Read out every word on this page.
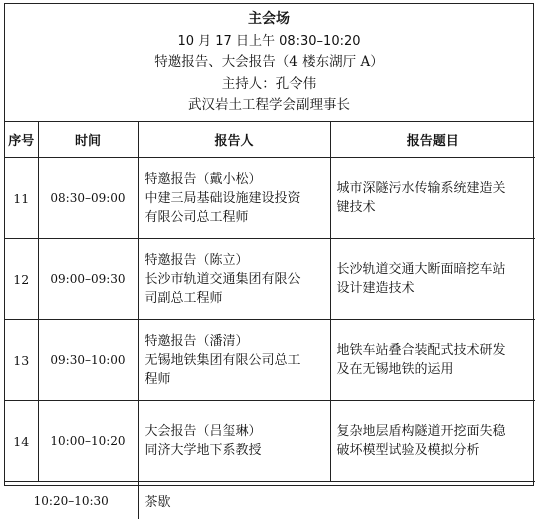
主会场
10 月 17 日上午 08:30–10:20
特邀报告、大会报告（4 楼东湖厅 A）
主持人：孔令伟
武汉岩土工程学会副理事长
序号	时间	报告人	报告题目
11	08:30–09:00	特邀报告（戴小松）
中建三局基础设施建设投资
有限公司总工程师	城市深隧污水传输系统建造关
键技术

12	09:00–09:30	特邀报告（陈立）
长沙市轨道交通集团有限公
司副总工程师	长沙轨道交通大断面暗挖车站
设计建造技术

13	09:30–10:00	特邀报告（潘清）
无锡地铁集团有限公司总工
程师	地铁车站叠合装配式技术研发
及在无锡地铁的运用

14	10:00–10:20	大会报告（吕玺琳）
同济大学地下系教授	复杂地层盾构隧道开挖面失稳
破坏模型试验及模拟分析

10:20–10:30		茶歇	
